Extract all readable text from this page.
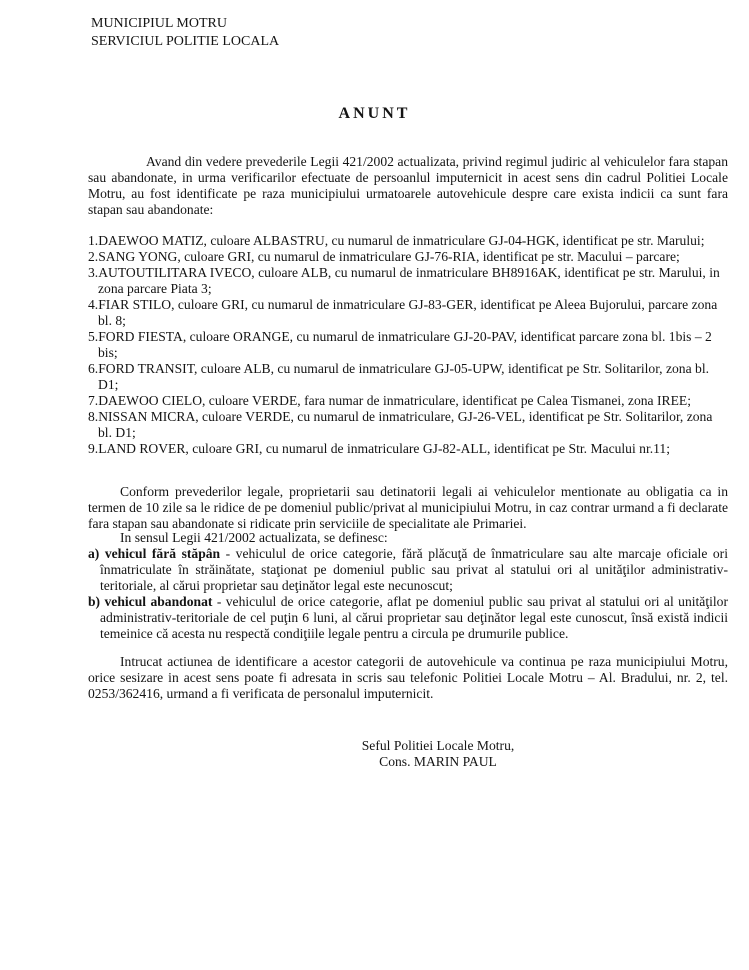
MUNICIPIUL MOTRU
SERVICIUL POLITIE LOCALA
ANUNT

Avand din vedere prevederile Legii 421/2002 actualizata, privind regimul judiric al vehiculelor fara stapan sau abandonate, in urma verificarilor efectuate de persoanlul imputernicit in acest sens din cadrul Politiei Locale Motru, au fost identificate pe raza municipiului urmatoarele autovehicule despre care exista indicii ca sunt fara stapan sau abandonate:

1.DAEWOO MATIZ, culoare ALBASTRU, cu numarul de inmatriculare GJ-04-HGK, identificat pe str. Marului;
2.SANG YONG, culoare GRI, cu numarul de inmatriculare GJ-76-RIA, identificat pe str. Macului – parcare;
3.AUTOUTILITARA IVECO, culoare ALB, cu numarul de inmatriculare BH8916AK, identificat pe str. Marului, in zona parcare Piata 3;
4.FIAR STILO, culoare GRI, cu numarul de inmatriculare GJ-83-GER, identificat pe Aleea Bujorului, parcare zona bl. 8;
5.FORD FIESTA, culoare ORANGE, cu numarul de inmatriculare GJ-20-PAV, identificat parcare zona bl. 1bis – 2 bis;
6.FORD TRANSIT, culoare ALB, cu numarul de inmatriculare GJ-05-UPW, identificat pe Str. Solitarilor, zona bl. D1;
7.DAEWOO CIELO, culoare VERDE, fara numar de inmatriculare, identificat pe Calea Tismanei, zona IREE;
8.NISSAN MICRA, culoare VERDE, cu numarul de inmatriculare, GJ-26-VEL, identificat pe Str. Solitarilor, zona bl. D1;
9.LAND ROVER, culoare GRI, cu numarul de inmatriculare GJ-82-ALL, identificat pe Str. Macului nr.11;

Conform prevederilor legale, proprietarii sau detinatorii legali ai vehiculelor mentionate au obligatia ca in termen de 10 zile sa le ridice de pe domeniul public/privat al municipiului Motru, in caz contrar urmand a fi declarate fara stapan sau abandonate si ridicate prin serviciile de specialitate ale Primariei.

In sensul Legii 421/2002 actualizata, se definesc:
a) vehicul fără stăpân - vehiculul de orice categorie, fără plăcuţă de înmatriculare sau alte marcaje oficiale ori înmatriculate în străinătate, staţionat pe domeniul public sau privat al statului ori al unităţilor administrativ-teritoriale, al cărui proprietar sau deţinător legal este necunoscut;
b) vehicul abandonat - vehiculul de orice categorie, aflat pe domeniul public sau privat al statului ori al unităţilor administrativ-teritoriale de cel puţin 6 luni, al cărui proprietar sau deţinător legal este cunoscut, însă există indicii temeinice că acesta nu respectă condiţiile legale pentru a circula pe drumurile publice.

Intrucat actiunea de identificare a acestor categorii de autovehicule va continua pe raza municipiului Motru, orice sesizare in acest sens poate fi adresata in scris sau telefonic Politiei Locale Motru – Al. Bradului, nr. 2, tel. 0253/362416, urmand a fi verificata de personalul imputernicit.

Seful Politiei Locale Motru,
Cons. MARIN PAUL
